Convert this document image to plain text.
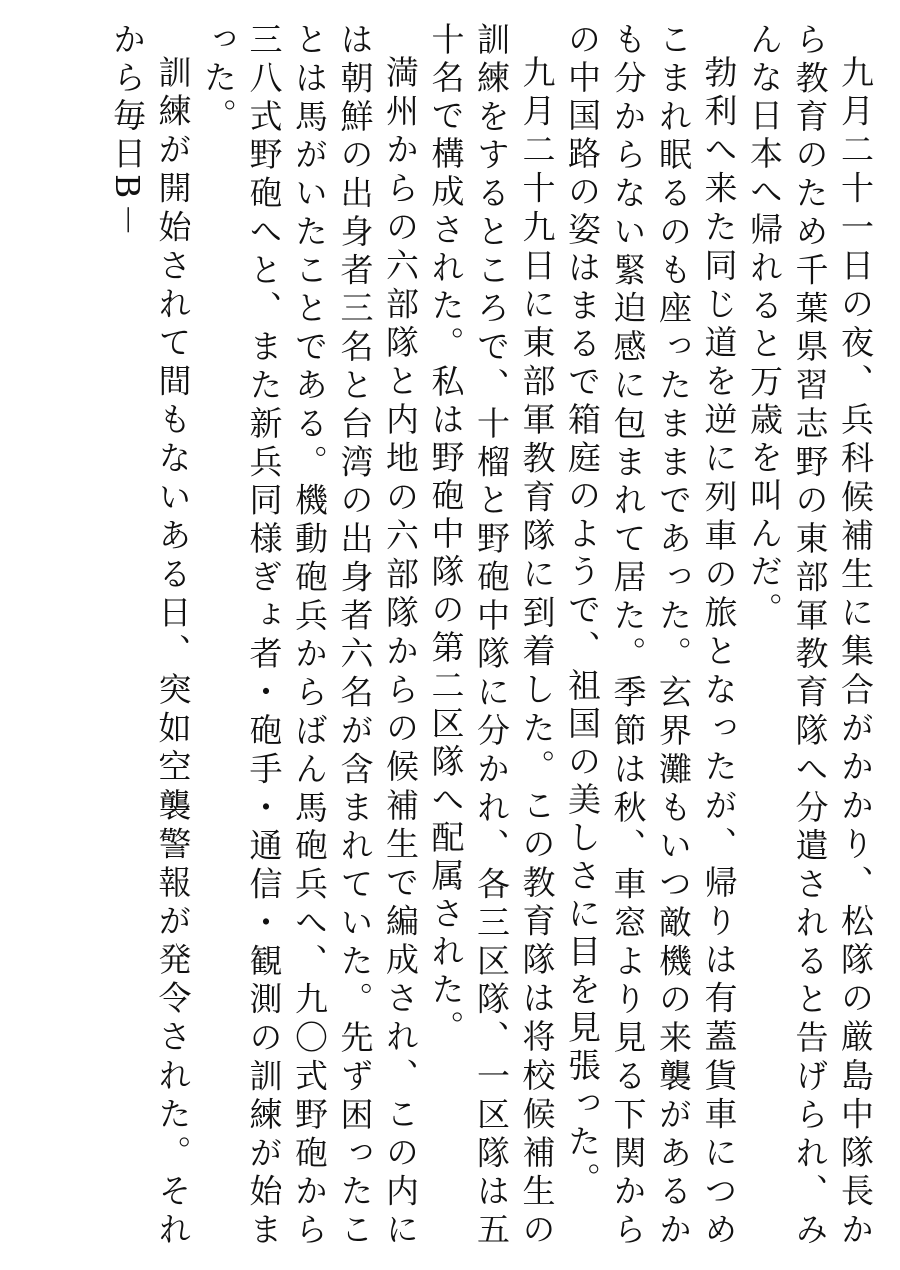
九月二十一日の夜、兵科候補生に集合がかかり、松隊の厳島中隊長から教育のため千葉県習志野の東部軍教育隊へ分遣されると告げられ、みんな日本へ帰れると万歳を叫んだ。

勃利へ来た同じ道を逆に列車の旅となったが、帰りは有蓋貨車につめこまれ眠るのも座ったままであった。玄界灘もいつ敵機の来襲があるかも分からない緊迫感に包まれて居た。季節は秋、車窓より見る下関からの中国路の姿はまるで箱庭のようで、祖国の美しさに目を見張った。

九月二十九日に東部軍教育隊に到着した。この教育隊は将校候補生の訓練をするところで、十榴と野砲中隊に分かれ、各三区隊、一区隊は五十名で構成された。私は野砲中隊の第二区隊へ配属された。

満州からの六部隊と内地の六部隊からの候補生で編成され、この内には朝鮮の出身者三名と台湾の出身者六名が含まれていた。先ず困ったことは馬がいたことである。機動砲兵からばん馬砲兵へ、九〇式野砲から三八式野砲へと、また新兵同様ぎょ者・砲手・通信・観測の訓練が始まった。

訓練が開始されて間もないある日、突如空襲警報が発令された。それから毎日B－
